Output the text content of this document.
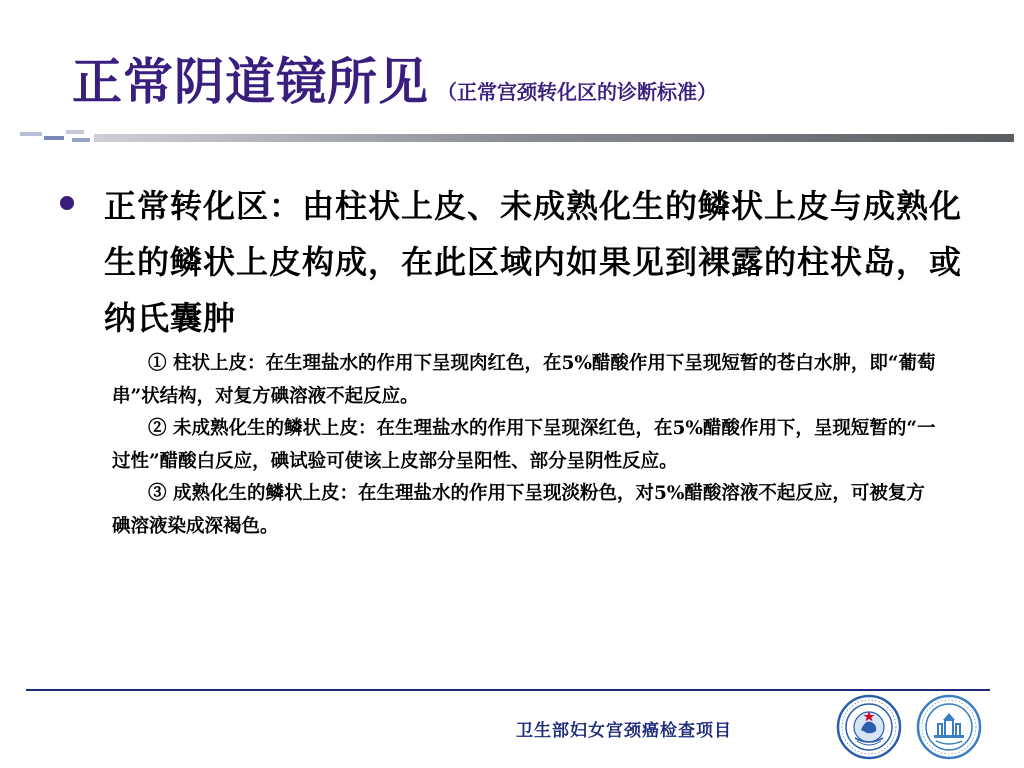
正常阴道镜所见 （正常宫颈转化区的诊断标准）
正常转化区：由柱状上皮、未成熟化生的鳞状上皮与成熟化生的鳞状上皮构成，在此区域内如果见到裸露的柱状岛，或纳氏囊肿

① 柱状上皮：在生理盐水的作用下呈现肉红色，在5%醋酸作用下呈现短暂的苍白水肿，即“葡萄串”状结构，对复方碘溶液不起反应。

② 未成熟化生的鳞状上皮：在生理盐水的作用下呈现深红色，在5%醋酸作用下，呈现短暂的“一过性”醋酸白反应，碘试验可使该上皮部分呈阳性、部分呈阴性反应。

③ 成熟化生的鳞状上皮：在生理盐水的作用下呈现淡粉色，对5%醋酸溶液不起反应，可被复方碘溶液染成深褐色。

卫生部妇女宫颈癌检查项目
